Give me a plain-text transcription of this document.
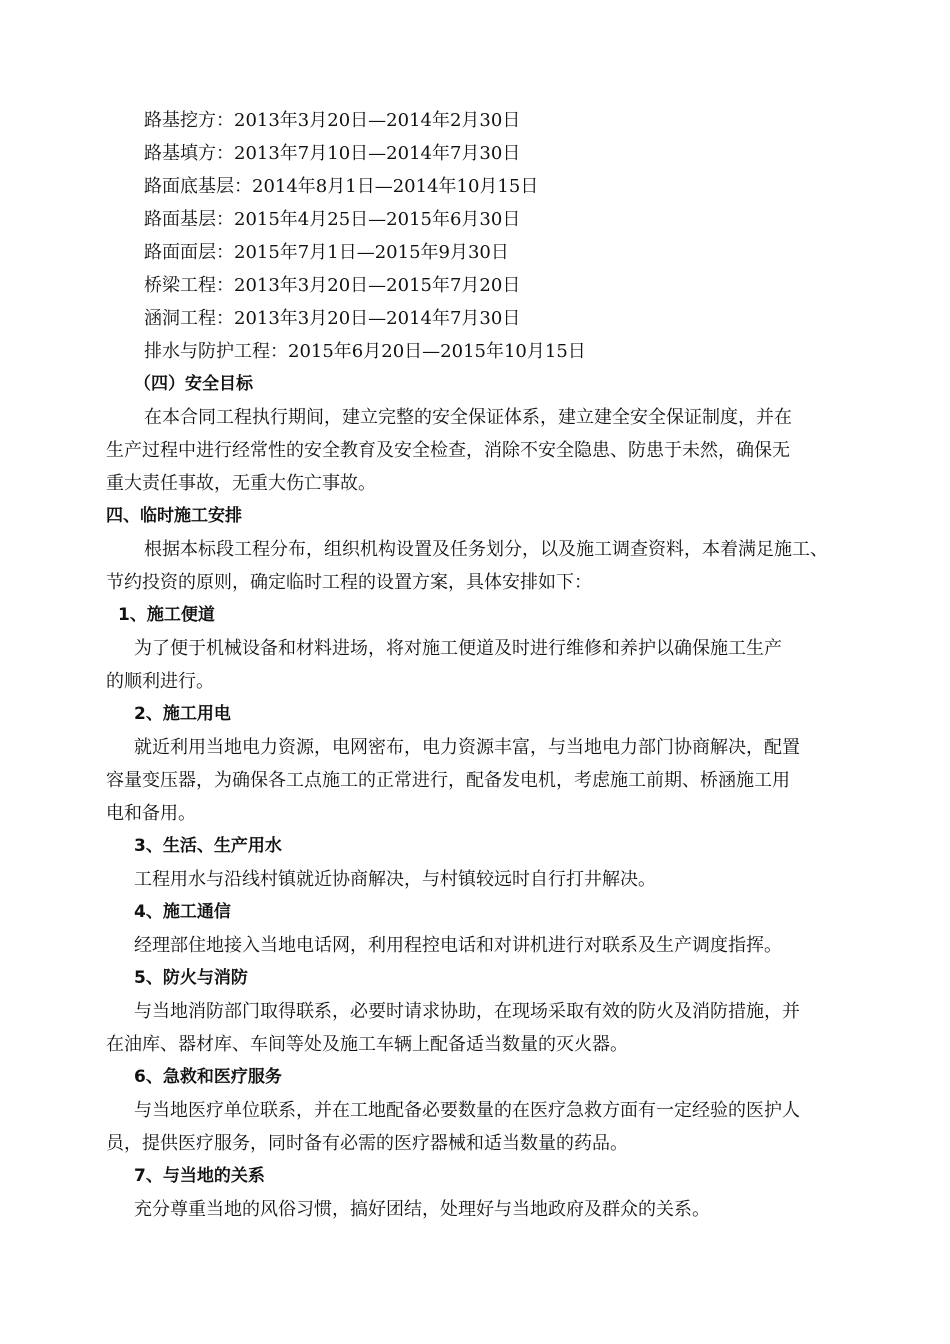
路基挖方：2013年3月20日—2014年2月30日

路基填方：2013年7月10日—2014年7月30日

路面底基层：2014年8月1日—2014年10月15日

路面基层：2015年4月25日—2015年6月30日

路面面层：2015年7月1日—2015年9月30日

桥梁工程：2013年3月20日—2015年7月20日

涵洞工程：2013年3月20日—2014年7月30日

排水与防护工程：2015年6月20日—2015年10月15日

（四）安全目标

在本合同工程执行期间，建立完整的安全保证体系，建立建全安全保证制度，并在

生产过程中进行经常性的安全教育及安全检查，消除不安全隐患、防患于未然，确保无

重大责任事故，无重大伤亡事故。

四、临时施工安排

根据本标段工程分布，组织机构设置及任务划分，以及施工调查资料，本着满足施工、

节约投资的原则，确定临时工程的设置方案，具体安排如下：

1、施工便道

为了便于机械设备和材料进场，将对施工便道及时进行维修和养护以确保施工生产

的顺利进行。

2、施工用电

就近利用当地电力资源，电网密布，电力资源丰富，与当地电力部门协商解决，配置

容量变压器，为确保各工点施工的正常进行，配备发电机，考虑施工前期、桥涵施工用

电和备用。

3、生活、生产用水

工程用水与沿线村镇就近协商解决，与村镇较远时自行打井解决。

4、施工通信

经理部住地接入当地电话网，利用程控电话和对讲机进行对联系及生产调度指挥。

5、防火与消防

与当地消防部门取得联系，必要时请求协助，在现场采取有效的防火及消防措施，并

在油库、器材库、车间等处及施工车辆上配备适当数量的灭火器。

6、急救和医疗服务

与当地医疗单位联系，并在工地配备必要数量的在医疗急救方面有一定经验的医护人

员，提供医疗服务，同时备有必需的医疗器械和适当数量的药品。

7、与当地的关系

充分尊重当地的风俗习惯，搞好团结，处理好与当地政府及群众的关系。
